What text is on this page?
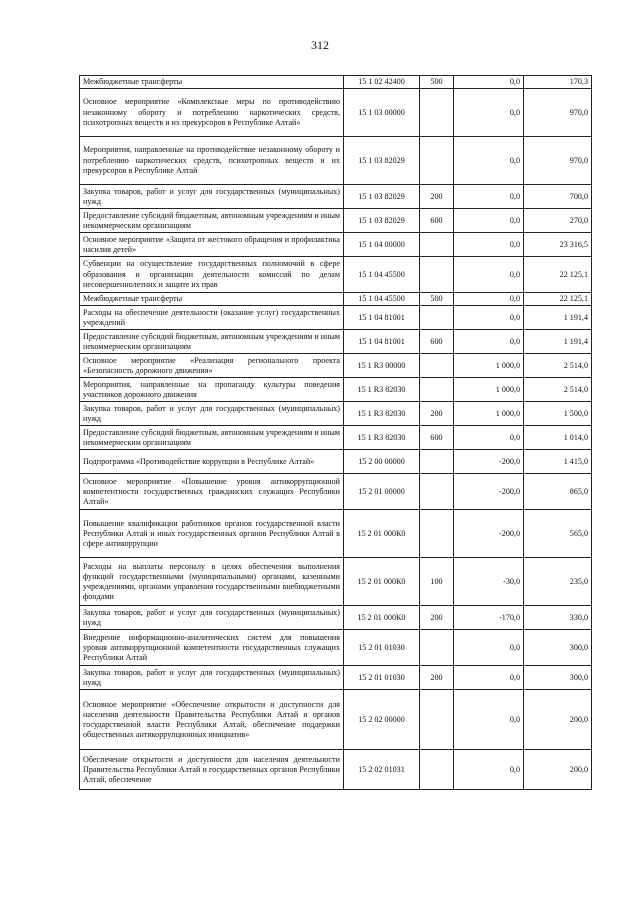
312
Межбюджетные трансферты	15 1 02 42400	500	0,0	170,3
Основное мероприятие «Комплексные меры по противодействию незаконному обороту и потреблению наркотических средств, психотропных веществ и их прекурсоров в Республике Алтай»	15 1 03 00000		0,0	970,0
Мероприятия, направленные на противодействие незаконному обороту и потреблению наркотических средств, психотропных веществ и их прекурсоров в Республике Алтай	15 1 03 82029		0,0	970,0
Закупка товаров, работ и услуг для государственных (муниципальных) нужд	15 1 03 82029	200	0,0	700,0
Предоставление субсидий бюджетным, автономным учреждениям и иным некоммерческим организациям	15 1 03 82029	600	0,0	270,0
Основное мероприятие «Защита от жестокого обращения и профилактика насилия детей»	15 1 04 00000		0,0	23 316,5
Субвенции на осуществление государственных полномочий в сфере образования и организации деятельности комиссий по делам несовершеннолетних и защите их прав	15 1 04 45500		0,0	22 125,1
Межбюджетные трансферты	15 1 04 45500	500	0,0	22 125,1
Расходы на обеспечение деятельности (оказание услуг) государственных учреждений	15 1 04 81001		0,0	1 191,4
Предоставление субсидий бюджетным, автономным учреждениям и иным некоммерческим организациям	15 1 04 81001	600	0,0	1 191,4
Основное мероприятие «Реализация регионального проекта «Безопасность дорожного движения»	15 1 R3 00000		1 000,0	2 514,0
Мероприятия, направленные на пропаганду культуры поведения участников дорожного движения	15 1 R3 82030		1 000,0	2 514,0
Закупка товаров, работ и услуг для государственных (муниципальных) нужд	15 1 R3 82030	200	1 000,0	1 500,0
Предоставление субсидий бюджетным, автономным учреждениям и иным некоммерческим организациям	15 1 R3 82030	600	0,0	1 014,0
Подпрограмма «Противодействие коррупции в Республике Алтай»	15 2 00 00000		-200,0	1 415,0
Основное мероприятие «Повышение уровня антикоррупционной компетентности государственных гражданских служащих Республики Алтай»	15 2 01 00000		-200,0	865,0
Повышение квалификации работников органов государственной власти Республики Алтай и иных государственных органов Республики Алтай в сфере антикоррупции	15 2 01 000К0		-200,0	565,0
Расходы на выплаты персоналу в целях обеспечения выполнения функций государственными (муниципальными) органами, казенными учреждениями, органами управления государственными внебюджетными фондами	15 2 01 000К0	100	-30,0	235,0
Закупка товаров, работ и услуг для государственных (муниципальных) нужд	15 2 01 000К0	200	-170,0	330,0
Внедрение информационно-аналитических систем для повышения уровня антикоррупционной компетентности государственных служащих Республики Алтай	15 2 01 01030		0,0	300,0
Закупка товаров, работ и услуг для государственных (муниципальных) нужд	15 2 01 01030	200	0,0	300,0
Основное мероприятие «Обеспечение открытости и доступности для населения деятельности Правительства Республики Алтай и органов государственной власти Республики Алтай, обеспечение поддержки общественных антикоррупционных инициатив»	15 2 02 00000		0,0	200,0
Обеспечение открытости и доступности для населения деятельности Правительства Республики Алтай и государственных органов Республики Алтай, обеспечение	15 2 02 01031		0,0	200,0
